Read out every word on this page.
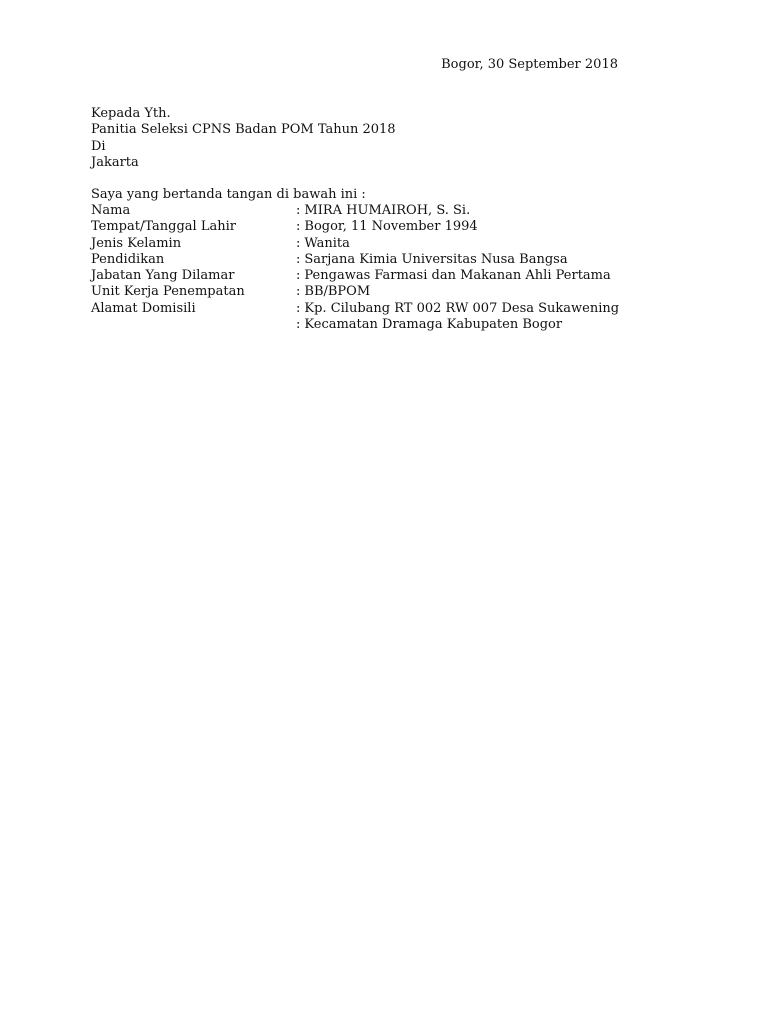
Bogor, 30 September 2018
Kepada Yth.
Panitia Seleksi CPNS Badan POM Tahun 2018
Di
Jakarta
Saya yang bertanda tangan di bawah ini :
Nama	: MIRA HUMAIROH, S. Si.
Tempat/Tanggal Lahir	: Bogor, 11 November 1994
Jenis Kelamin	: Wanita
Pendidikan	: Sarjana Kimia Universitas Nusa Bangsa
Jabatan Yang Dilamar	: Pengawas Farmasi dan Makanan Ahli Pertama
Unit Kerja Penempatan	: BB/BPOM
Alamat Domisili	: Kp. Cilubang RT 002 RW 007 Desa Sukawening
: Kecamatan Dramaga Kabupaten Bogor
